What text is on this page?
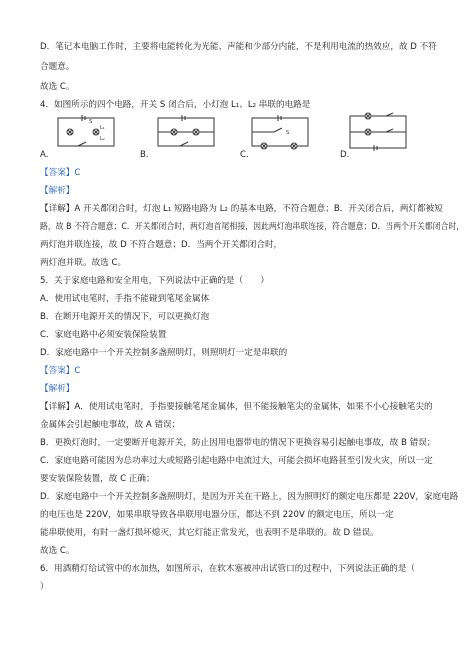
D．笔记本电脑工作时，主要将电能转化为光能、声能和少部分内能，不是利用电流的热效应，故 D 不符
合题意。
故选 C。
4．如图所示的四个电路，开关 S 闭合后，小灯泡 L₁、L₂ 串联的电路是
L₁
L₂
S
A.	B.
S
C.	D.
【答案】C
【解析】
【详解】A 开关都闭合时，灯泡 L₁ 短路电路为 L₂ 的基本电路，不符合题意；B．开关闭合后，两灯都被短
路，故 B 不符合题意；C．开关都闭合时，两灯泡首尾相接，因此两灯泡串联连接，符合题意；D．当两个开关都闭合时，
两灯泡并联连接，故 D 不符合题意；D．当两个开关都闭合时，
两灯泡并联。故选 C。
5．关于家庭电路和安全用电，下列说法中正确的是（　　）
A．使用试电笔时，手指不能碰到笔尾金属体
B．在断开电源开关的情况下，可以更换灯泡
C．家庭电路中必须安装保险装置
D．家庭电路中一个开关控制多盏照明灯，则照明灯一定是串联的
【答案】C
【解析】
【详解】A．使用试电笔时，手指要接触笔尾金属体，但不能接触笔尖的金属体，如果不小心接触笔尖的
金属体会引起触电事故，故 A 错误；
B．更换灯泡时，一定要断开电源开关，防止因用电器带电的情况下更换容易引起触电事故，故 B 错误；
C．家庭电路可能因为总功率过大或短路引起电路中电流过大，可能会损坏电路甚至引发火灾，所以一定
要安装保险装置，故 C 正确；
D．家庭电路中一个开关控制多盏照明灯，是因为开关在干路上，因为照明灯的额定电压都是 220V，家庭电路
的电压也是 220V，如果串联导致各串联用电器分压，都达不到 220V 的额定电压，所以一定
能串联使用，有时一盏灯损坏熄灭，其它灯能正常发光，也表明不是串联的。故 D 错误。
故选 C。
6．用酒精灯给试管中的水加热，如图所示，在软木塞被冲出试管口的过程中，下列说法正确的是（
）
